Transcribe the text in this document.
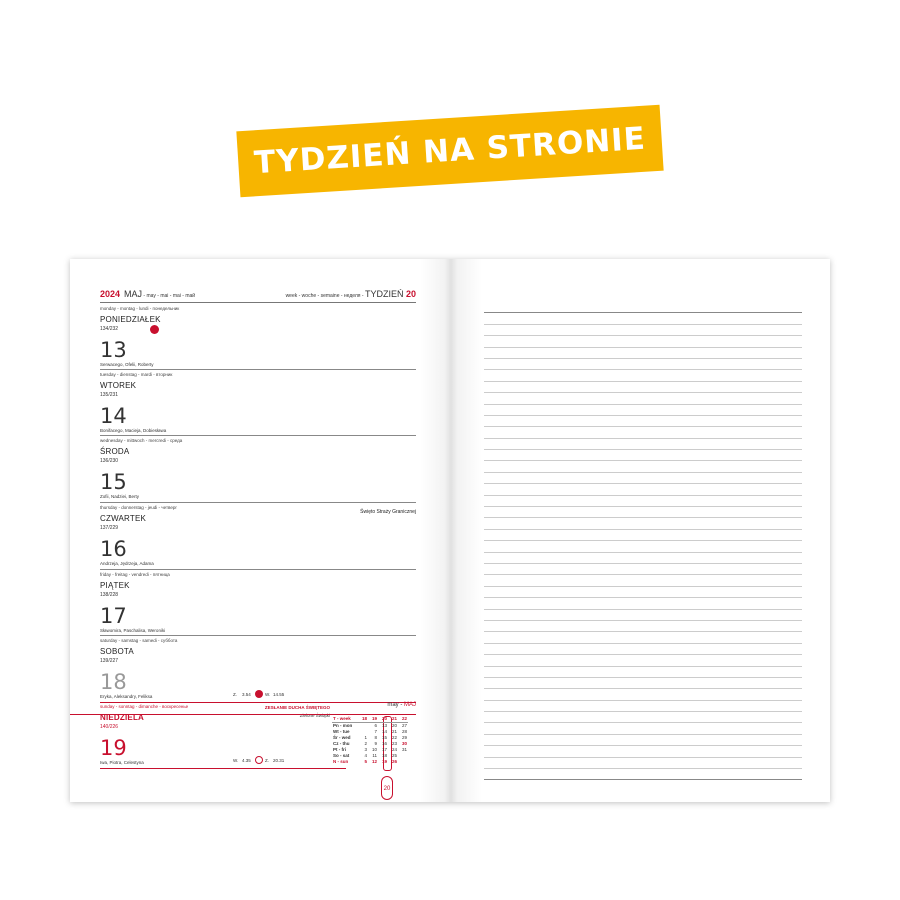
TYDZIEŃ NA STRONIE
2024 MAJ - may - mai - mai - maй	week - woche - semaine - неделя - TYDZIEŃ 20
monday - montag - lundi - понедельник
PONIEDZIAŁEK
134/232
13
Serwacego, Ofelii, Roberty
tuesday - dienstag - mardi - вторник
WTOREK
135/231
14
Bonifacego, Macieja, Dobiesława
wednesday - mittwoch - mercredi - среда
ŚRODA
136/230
15
Zofii, Nadziei, Berty
thursday - donnerstag - jeudi - четверг
Święto Straży Granicznej
CZWARTEK
137/229
16
Andrzeja, Jędrzeja, Adama
friday - freitag - vendredi - пятница
PIĄTEK
138/228
17
Sławomira, Paschalisa, Weroniki
saturday - samstag - samedi - суббота
SOBOTA
139/227
18
Eryka, Aleksandry, Feliksa	Z. 3.54	W. 14.55
sunday - sonntag - dimanche - воскресенье	ZESŁANIE DUCHA ŚWIĘTEGO
Zielone Świątki
NIEDZIELA
140/226
19
Iwa, Piotra, Celestyna	W. 4.35	Z. 20.31
may - MAJ
T - week	18	19	20	21	22
Pn - mon		6	13	20	27
Wt - tue		7	14	21	28
Śr - wed	1	8	15	22	29
Cz - thu	2	9	16	23	30
Pt - fri	3	10	17	24	31
So - sat	4	11	18	25	
N - sun	5	12	19	26	
20
